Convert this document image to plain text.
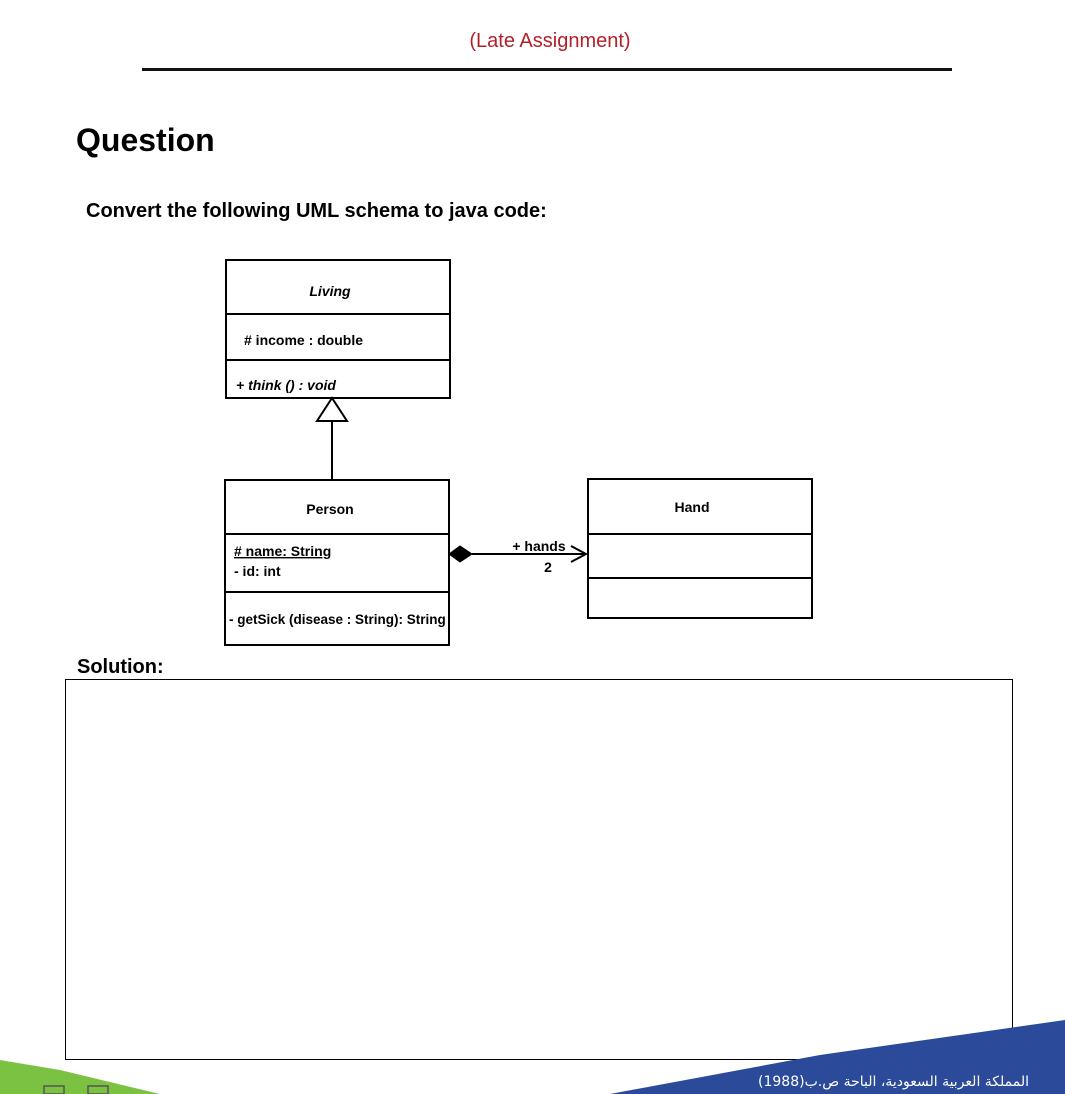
(Late Assignment)
Question
Convert the following UML schema to java code:
Living
# income : double
+ think () : void
Person
# name: String
- id: int
- getSick (disease : String): String
+ hands
2
Hand
Solution:
المملكة العربية السعودية، الباحة ص.ب(1988)
